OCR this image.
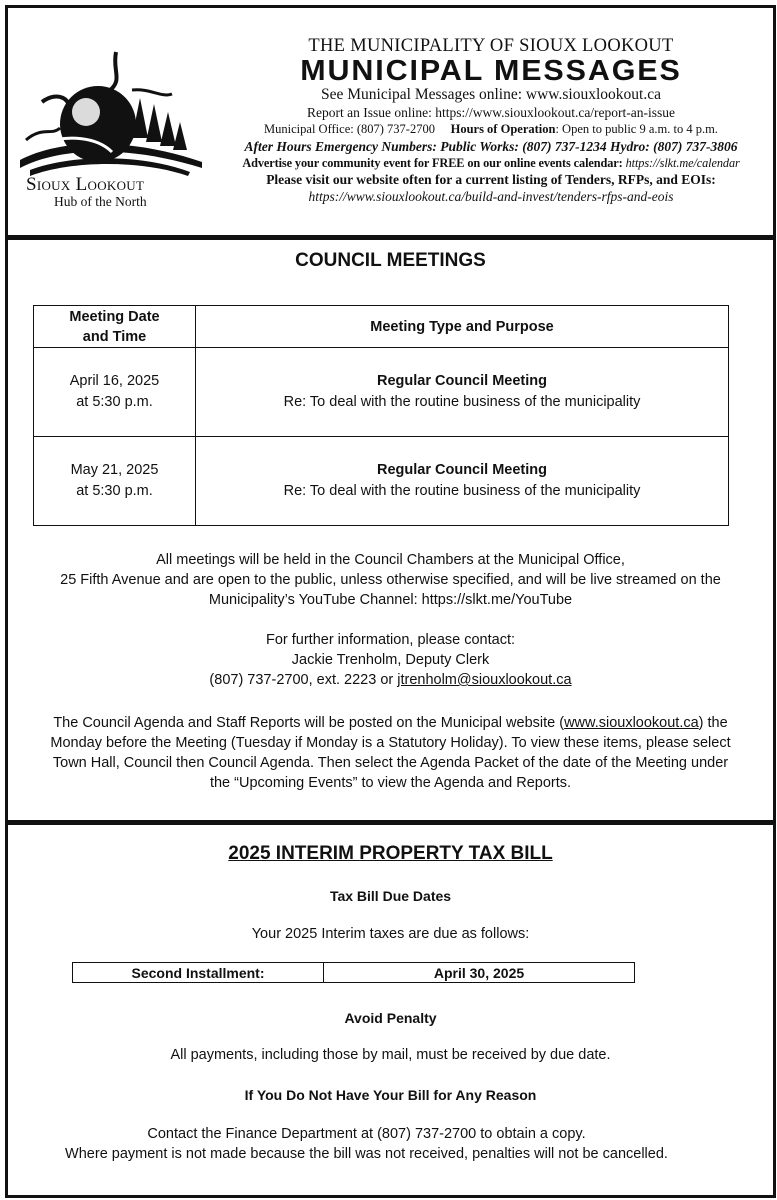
Sioux Lookout
Hub of the North
THE MUNICIPALITY OF SIOUX LOOKOUT
MUNICIPAL MESSAGES
See Municipal Messages online: www.siouxlookout.ca
Report an Issue online: https://www.siouxlookout.ca/report-an-issue
Municipal Office: (807) 737-2700 Hours of Operation: Open to public 9 a.m. to 4 p.m.
After Hours Emergency Numbers: Public Works: (807) 737-1234 Hydro: (807) 737-3806
Advertise your community event for FREE on our online events calendar: https://slkt.me/calendar
Please visit our website often for a current listing of Tenders, RFPs, and EOIs:
https://www.siouxlookout.ca/build-and-invest/tenders-rfps-and-eois
COUNCIL MEETINGS
Meeting Date
and Time	Meeting Type and Purpose
April 16, 2025
at 5:30 p.m.	Regular Council Meeting
Re: To deal with the routine business of the municipality
May 21, 2025
at 5:30 p.m.	Regular Council Meeting
Re: To deal with the routine business of the municipality
All meetings will be held in the Council Chambers at the Municipal Office,
25 Fifth Avenue and are open to the public, unless otherwise specified, and will be live streamed on the
Municipality’s YouTube Channel: https://slkt.me/YouTube
For further information, please contact:
Jackie Trenholm, Deputy Clerk
(807) 737-2700, ext. 2223 or jtrenholm@siouxlookout.ca
The Council Agenda and Staff Reports will be posted on the Municipal website (www.siouxlookout.ca) the
Monday before the Meeting (Tuesday if Monday is a Statutory Holiday). To view these items, please select
Town Hall, Council then Council Agenda. Then select the Agenda Packet of the date of the Meeting under
the “Upcoming Events” to view the Agenda and Reports.
2025 INTERIM PROPERTY TAX BILL
Tax Bill Due Dates
Your 2025 Interim taxes are due as follows:
Second Installment:	April 30, 2025
Avoid Penalty
All payments, including those by mail, must be received by due date.
If You Do Not Have Your Bill for Any Reason
Contact the Finance Department at (807) 737-2700 to obtain a copy.
Where payment is not made because the bill was not received, penalties will not be cancelled.
